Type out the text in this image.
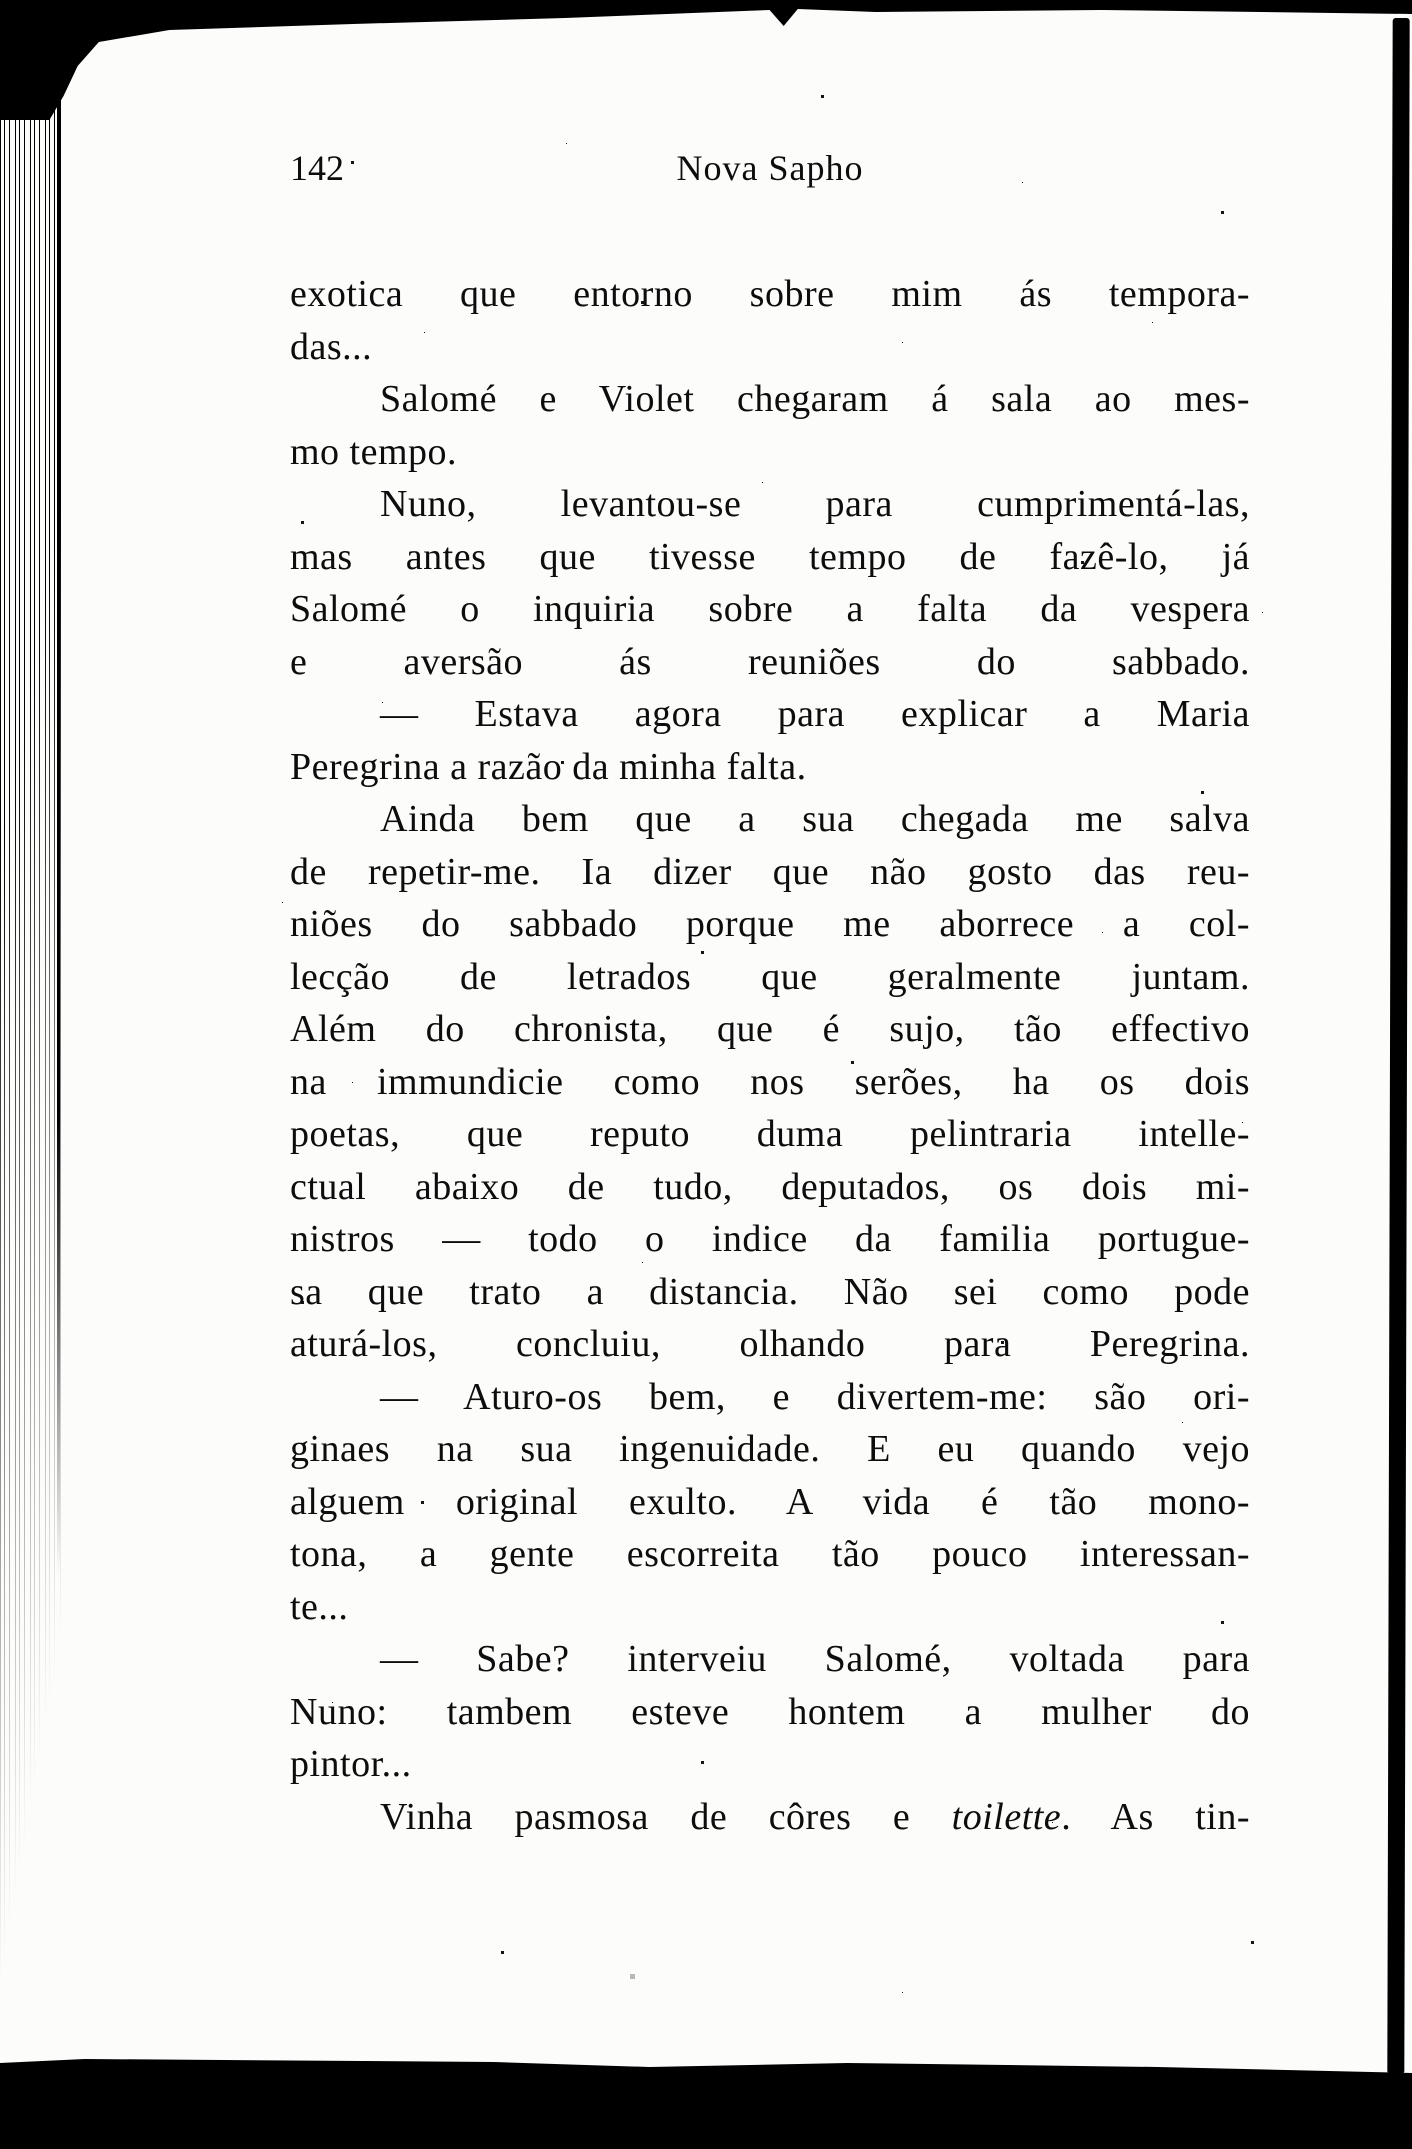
142	Nova Sapho
exotica que entorno sobre mim ás tempora-
das...
Salomé e Violet chegaram á sala ao mes-
mo tempo.
Nuno, levantou-se para cumprimentá-las,
mas antes que tivesse tempo de fazê-lo, já
Salomé o inquiria sobre a falta da vespera
e aversão ás reuniões do sabbado.
— Estava agora para explicar a Maria
Peregrina a razão da minha falta.
Ainda bem que a sua chegada me salva
de repetir-me. Ia dizer que não gosto das reu-
niões do sabbado porque me aborrece a col-
lecção de letrados que geralmente juntam.
Além do chronista, que é sujo, tão effectivo
na immundicie como nos serões, ha os dois
poetas, que reputo duma pelintraria intelle-
ctual abaixo de tudo, deputados, os dois mi-
nistros — todo o indice da familia portugue-
sa que trato a distancia. Não sei como pode
aturá-los, concluiu, olhando para Peregrina.
— Aturo-os bem, e divertem-me: são ori-
ginaes na sua ingenuidade. E eu quando vejo
alguem original exulto. A vida é tão mono-
tona, a gente escorreita tão pouco interessan-
te...
— Sabe? interveiu Salomé, voltada para
Nuno: tambem esteve hontem a mulher do
pintor...
Vinha pasmosa de côres e toilette. As tin-
